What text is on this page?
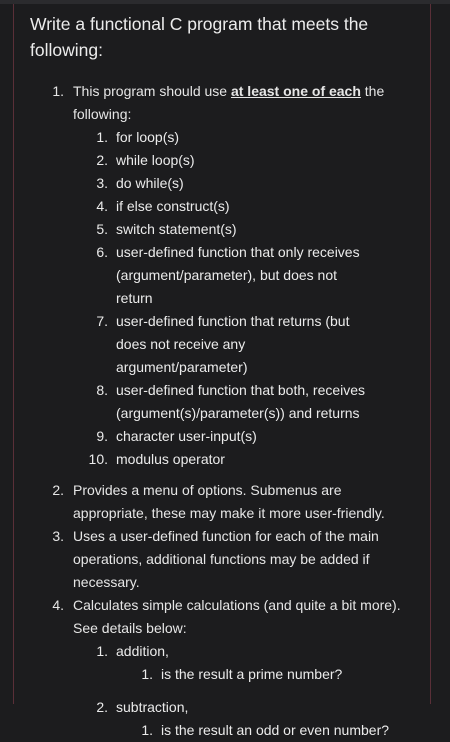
Write a functional C program that meets the following:

1. This program should use at least one of each the following:
1. for loop(s)
2. while loop(s)
3. do while(s)
4. if else construct(s)
5. switch statement(s)
6. user-defined function that only receives (argument/parameter), but does not return
7. user-defined function that returns (but does not receive any argument/parameter)
8. user-defined function that both, receives (argument(s)/parameter(s)) and returns
9. character user-input(s)
10. modulus operator
2. Provides a menu of options. Submenus are appropriate, these may make it more user-friendly.
3. Uses a user-defined function for each of the main operations, additional functions may be added if necessary.
4. Calculates simple calculations (and quite a bit more). See details below:
1. addition,
1. is the result a prime number?
2. subtraction,
1. is the result an odd or even number?
